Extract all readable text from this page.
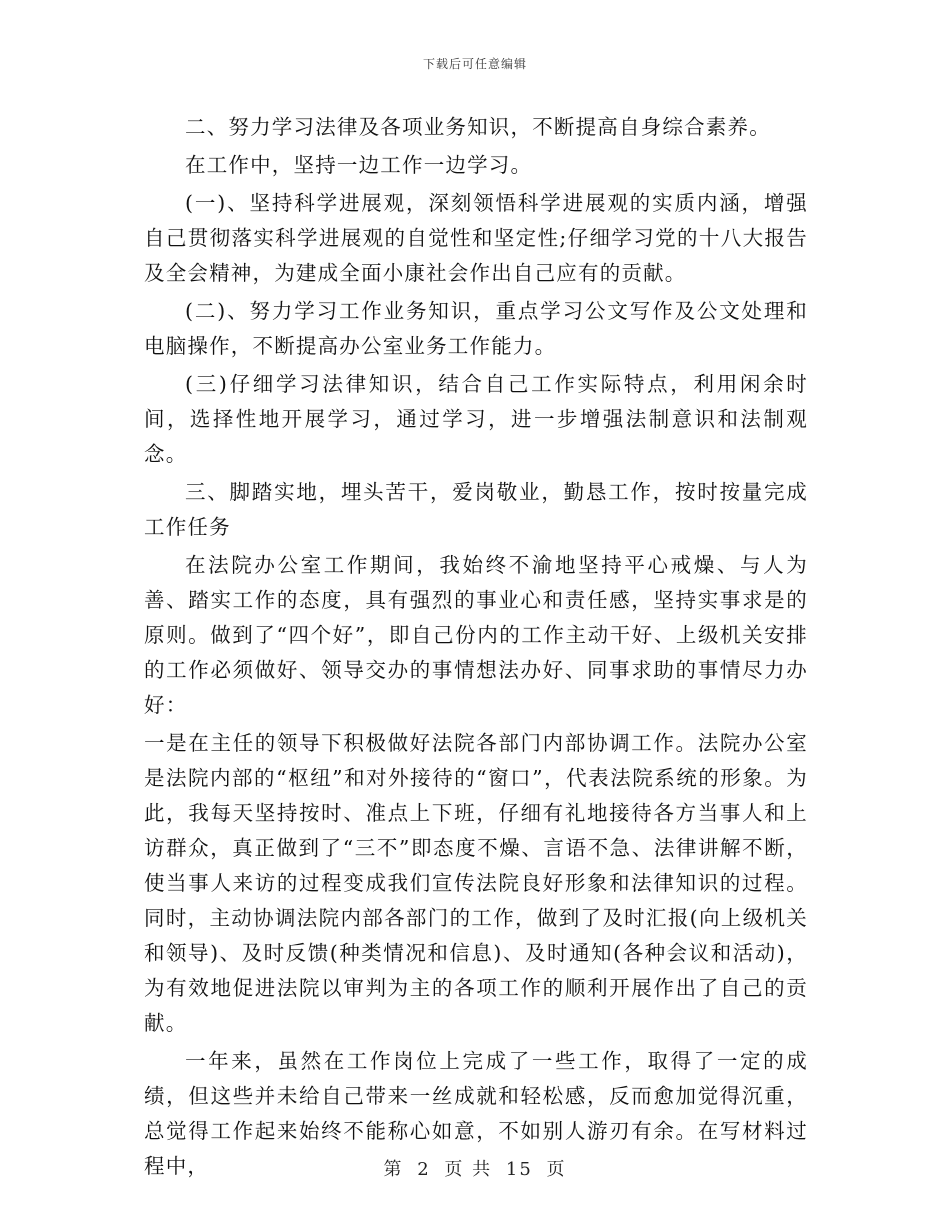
下载后可任意编辑

二、努力学习法律及各项业务知识，不断提高自身综合素养。

在工作中，坚持一边工作一边学习。

(一)、坚持科学进展观，深刻领悟科学进展观的实质内涵，增强自己贯彻落实科学进展观的自觉性和坚定性;仔细学习党的十八大报告及全会精神，为建成全面小康社会作出自己应有的贡献。

(二)、努力学习工作业务知识，重点学习公文写作及公文处理和电脑操作，不断提高办公室业务工作能力。

(三)仔细学习法律知识，结合自己工作实际特点，利用闲余时间，选择性地开展学习，通过学习，进一步增强法制意识和法制观念。

三、脚踏实地，埋头苦干，爱岗敬业，勤恳工作，按时按量完成工作任务

在法院办公室工作期间，我始终不渝地坚持平心戒燥、与人为善、踏实工作的态度，具有强烈的事业心和责任感，坚持实事求是的原则。做到了“四个好”，即自己份内的工作主动干好、上级机关安排的工作必须做好、领导交办的事情想法办好、同事求助的事情尽力办好：

一是在主任的领导下积极做好法院各部门内部协调工作。法院办公室是法院内部的“枢纽”和对外接待的“窗口”，代表法院系统的形象。为此，我每天坚持按时、准点上下班，仔细有礼地接待各方当事人和上访群众，真正做到了“三不”即态度不燥、言语不急、法律讲解不断，使当事人来访的过程变成我们宣传法院良好形象和法律知识的过程。同时，主动协调法院内部各部门的工作，做到了及时汇报(向上级机关和领导)、及时反馈(种类情况和信息)、及时通知(各种会议和活动)，为有效地促进法院以审判为主的各项工作的顺利开展作出了自己的贡献。

一年来，虽然在工作岗位上完成了一些工作，取得了一定的成绩，但这些并未给自己带来一丝成就和轻松感，反而愈加觉得沉重，总觉得工作起来始终不能称心如意，不如别人游刃有余。在写材料过程中，	第 2 页 共 15 页
